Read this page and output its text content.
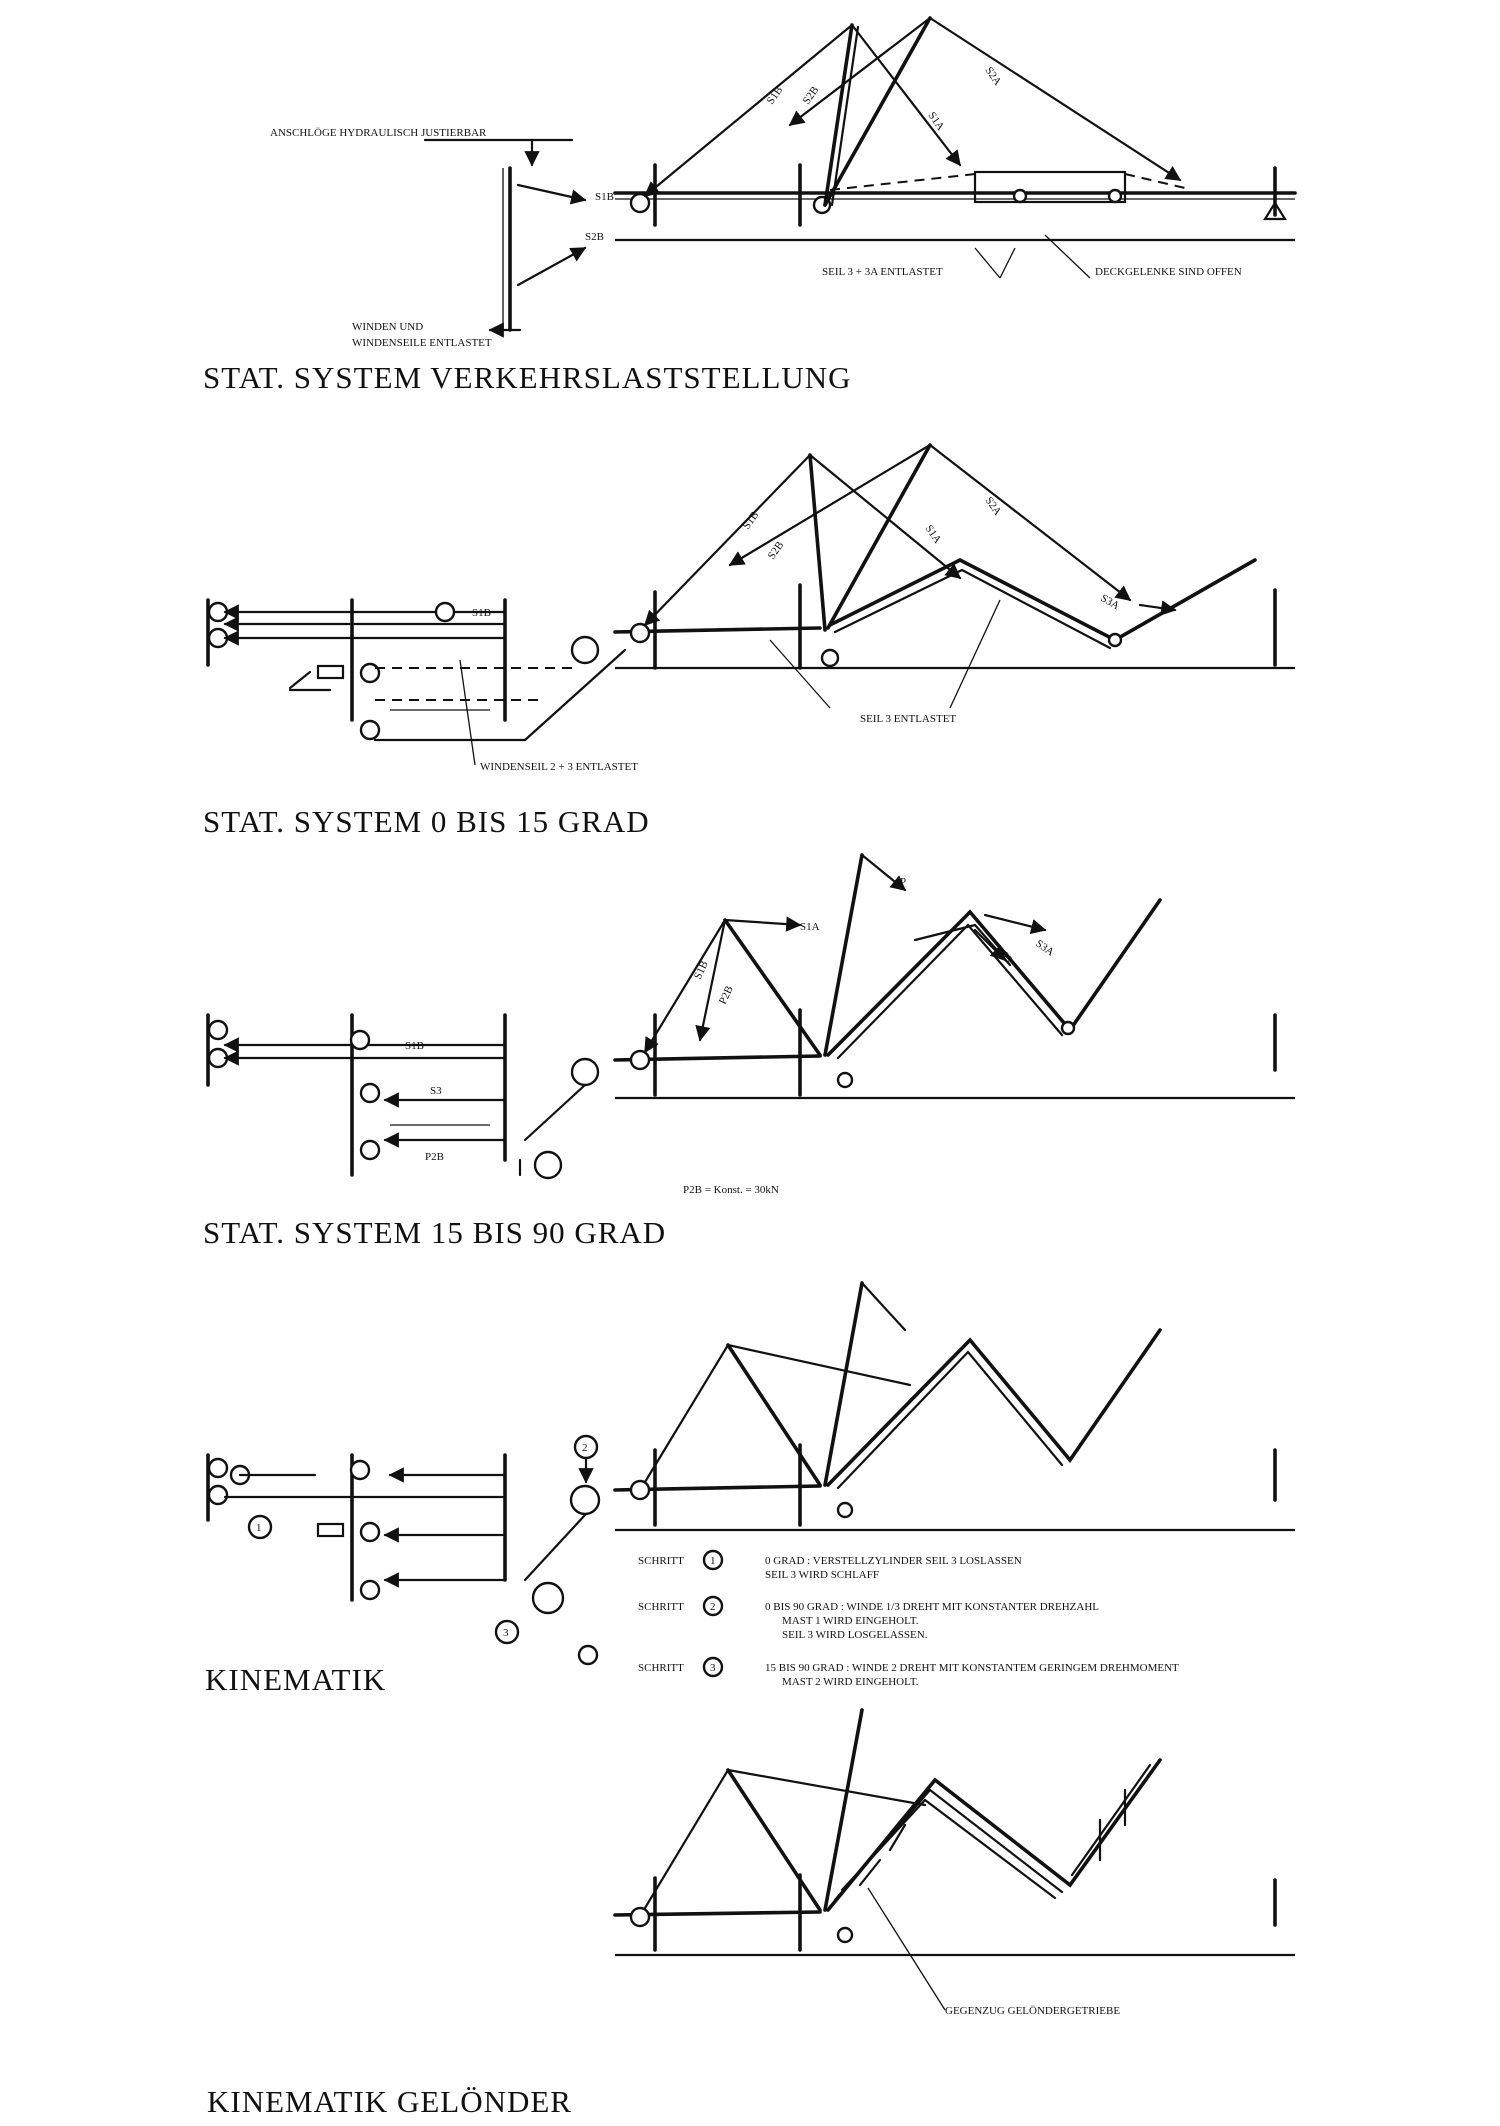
S1B
S2B
S1B S2B
S1A
S2A
ANSCHLÖGE HYDRAULISCH JUSTIERBAR
WINDEN UND
WINDENSEILE ENTLASTET
SEIL 3 + 3A ENTLASTET	DECKGELENKE SIND OFFEN
STAT. SYSTEM VERKEHRSLASTSTELLUNG
S1B
S1B
S2B
S1A
S2A
S3A
SEIL 3 ENTLASTET
WINDENSEIL 2 + 3 ENTLASTET
STAT. SYSTEM 0 BIS 15 GRAD
S1B
S3
P2B
S1B
P2B
S1A
P
S3 S3A
P2B = Konst. = 30kN
STAT. SYSTEM 15 BIS 90 GRAD
1
2
3
SCHRITT 1	0 GRAD : VERSTELLZYLINDER SEIL 3 LOSLASSEN
SEIL 3 WIRD SCHLAFF
SCHRITT 2	0 BIS 90 GRAD : WINDE 1/3 DREHT MIT KONSTANTER DREHZAHL
MAST 1 WIRD EINGEHOLT.
SEIL 3 WIRD LOSGELASSEN.
SCHRITT 3	15 BIS 90 GRAD : WINDE 2 DREHT MIT KONSTANTEM GERINGEM DREHMOMENT
MAST 2 WIRD EINGEHOLT.
KINEMATIK
GEGENZUG GELÖNDERGETRIEBE
KINEMATIK GELÖNDER
